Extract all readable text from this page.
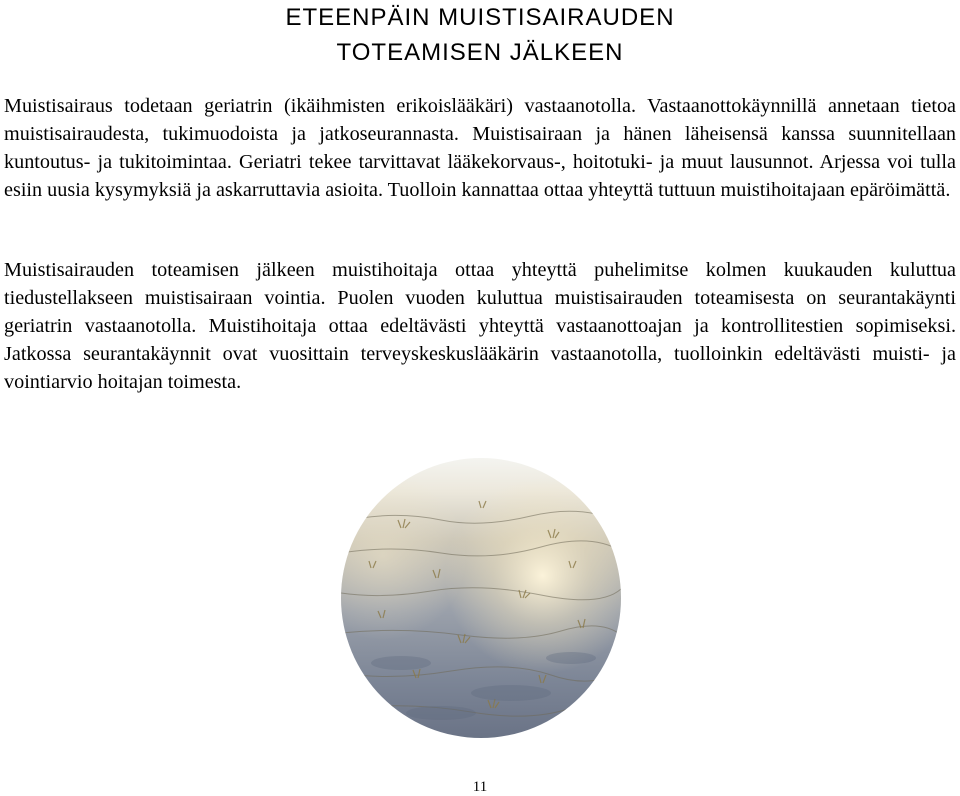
ETEENPÄIN MUISTISAIRAUDEN
TOTEAMISEN JÄLKEEN

Muistisairaus todetaan geriatrin (ikäihmisten erikoislääkäri) vastaanotolla. Vastaanottokäynnillä annetaan tietoa muistisairaudesta, tukimuodoista ja jatkoseurannasta. Muistisairaan ja hänen läheisensä kanssa suunnitellaan kuntoutus- ja tukitoimintaa. Geriatri tekee tarvittavat lääkekorvaus-, hoitotuki- ja muut lausunnot. Arjessa voi tulla esiin uusia kysymyksiä ja askarruttavia asioita. Tuolloin kannattaa ottaa yhteyttä tuttuun muistihoitajaan epäröimättä.

Muistisairauden toteamisen jälkeen muistihoitaja ottaa yhteyttä puhelimitse kolmen kuukauden kuluttua tiedustellakseen muistisairaan vointia. Puolen vuoden kuluttua muistisairauden toteamisesta on seurantakäynti geriatrin vastaanotolla. Muistihoitaja ottaa edeltävästi yhteyttä vastaanottoajan ja kontrollitestien sopimiseksi. Jatkossa seurantakäynnit ovat vuosittain terveyskeskuslääkärin vastaanotolla, tuolloinkin edeltävästi muisti- ja vointiarvio hoitajan toimesta.

11
